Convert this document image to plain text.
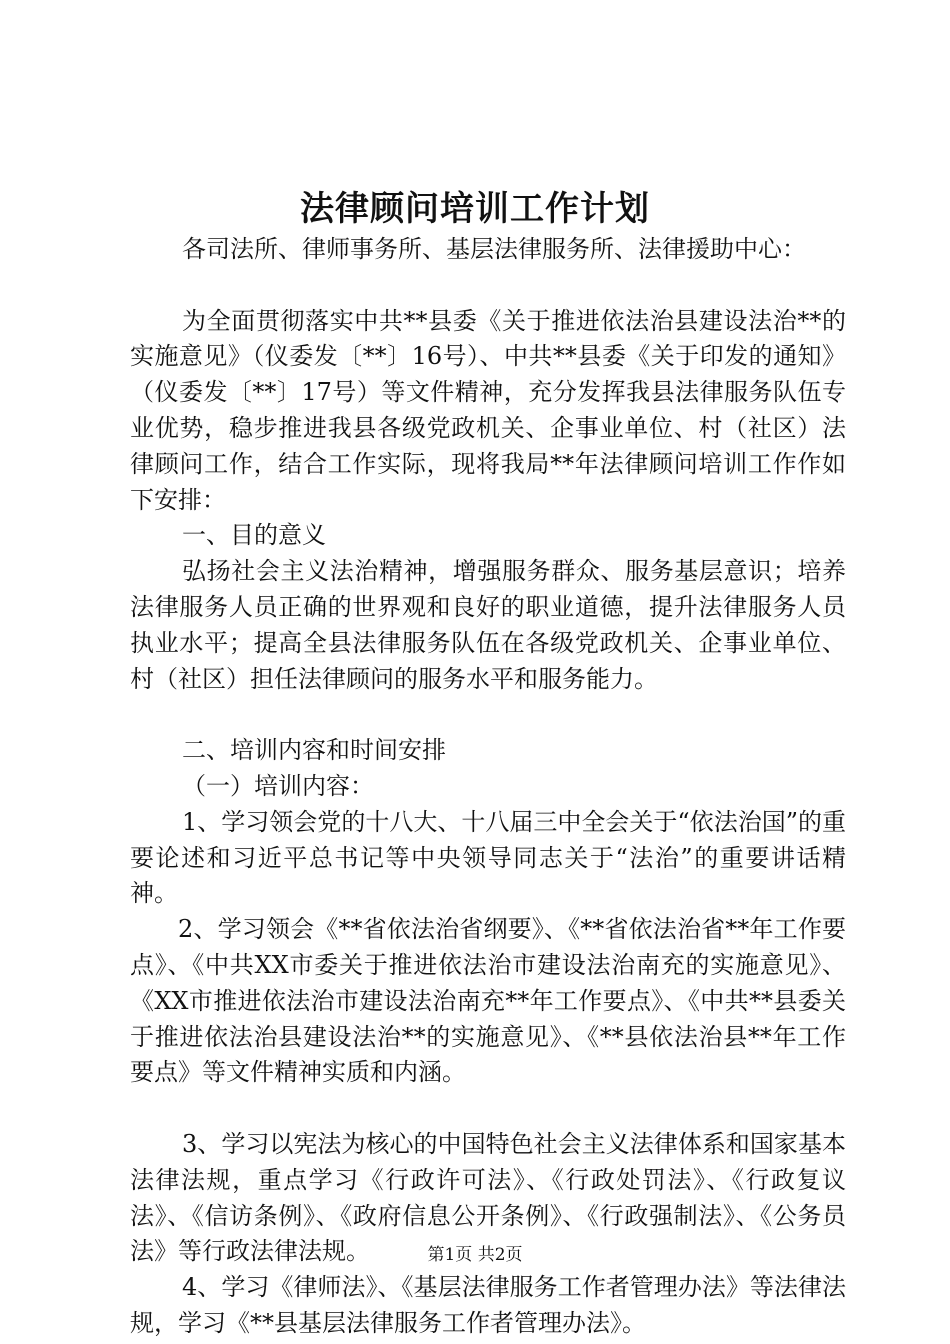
法律顾问培训工作计划

各司法所、律师事务所、基层法律服务所、法律援助中心：

为全面贯彻落实中共**县委《关于推进依法治县建设法治**的实施意见》（仪委发〔**〕16号）、中共**县委《关于印发的通知》（仪委发〔**〕17号）等文件精神，充分发挥我县法律服务队伍专业优势，稳步推进我县各级党政机关、企事业单位、村（社区）法律顾问工作，结合工作实际，现将我局**年法律顾问培训工作作如下安排：

一、目的意义

弘扬社会主义法治精神，增强服务群众、服务基层意识；培养法律服务人员正确的世界观和良好的职业道德，提升法律服务人员执业水平；提高全县法律服务队伍在各级党政机关、企事业单位、村（社区）担任法律顾问的服务水平和服务能力。

二、培训内容和时间安排

（一）培训内容：

1、学习领会党的十八大、十八届三中全会关于“依法治国”的重要论述和习近平总书记等中央领导同志关于“法治”的重要讲话精神。

2、学习领会《**省依法治省纲要》、《**省依法治省**年工作要点》、《中共XX市委关于推进依法治市建设法治南充的实施意见》、《XX市推进依法治市建设法治南充**年工作要点》、《中共**县委关于推进依法治县建设法治**的实施意见》、《**县依法治县**年工作要点》等文件精神实质和内涵。

3、学习以宪法为核心的中国特色社会主义法律体系和国家基本法律法规，重点学习《行政许可法》、《行政处罚法》、《行政复议法》、《信访条例》、《政府信息公开条例》、《行政强制法》、《公务员法》等行政法律法规。

4、学习《律师法》、《基层法律服务工作者管理办法》等法律法规，学习《**县基层法律服务工作者管理办法》。

第1页 共2页
